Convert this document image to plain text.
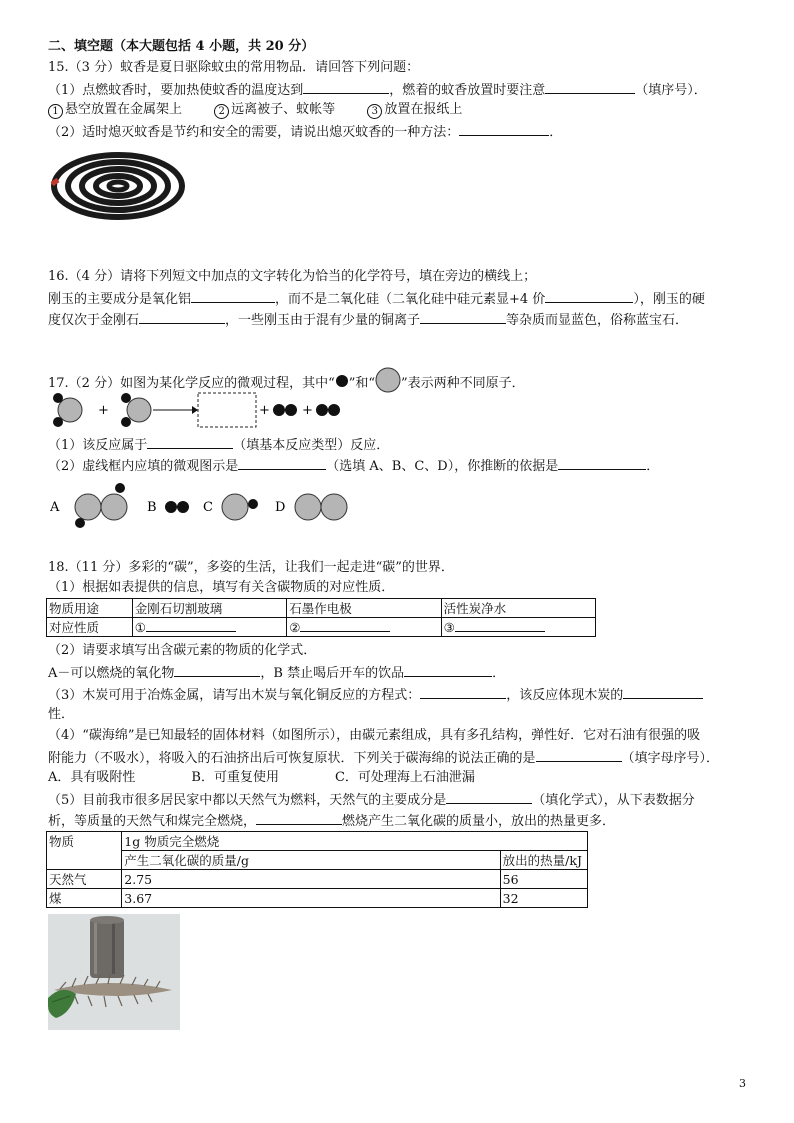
二、填空题（本大题包括 4 小题，共 20 分）
15.（3 分）蚊香是夏日驱除蚊虫的常用物品．请回答下列问题：
（1）点燃蚊香时，要加热使蚊香的温度达到	，燃着的蚊香放置时要注意	（填序号）．
1 悬空放置在金属架上	2 远离被子、蚊帐等	3 放置在报纸上
（2）适时熄灭蚊香是节约和安全的需要，请说出熄灭蚊香的一种方法：	．
16.（4 分）请将下列短文中加点的文字转化为恰当的化学符号，填在旁边的横线上；
刚玉的主要成分是氧化铝	，而不是二氧化硅（二氧化硅中硅元素显+4 价	），刚玉的硬
度仅次于金刚石	，一些刚玉由于混有少量的铜离子	等杂质而显蓝色，俗称蓝宝石．
17.（2 分）如图为某化学反应的微观过程，其中“ ”和“ ”表示两种不同原子．
+	+ +
（1）该反应属于	（填基本反应类型）反应．
（2）虚线框内应填的微观图示是	（选填 A、B、C、D），你推断的依据是	．
A	B	C	D
18.（11 分）多彩的“碳”，多姿的生活，让我们一起走进“碳”的世界．
（1）根据如表提供的信息，填写有关含碳物质的对应性质．
物质用途	金刚石切割玻璃	石墨作电极	活性炭净水
对应性质	①	②	③
（2）请要求填写出含碳元素的物质的化学式．
A－可以燃烧的氧化物	，B 禁止喝后开车的饮品	．
（3）木炭可用于冶炼金属，请写出木炭与氧化铜反应的方程式：	，该反应体现木炭的
性．
（4）“碳海绵”是已知最轻的固体材料（如图所示），由碳元素组成，具有多孔结构，弹性好．它对石油有很强的吸
附能力（不吸水），将吸入的石油挤出后可恢复原状．下列关于碳海绵的说法正确的是	（填字母序号）．
A．具有吸附性	B．可重复使用	C．可处理海上石油泄漏
（5）目前我市很多居民家中都以天然气为燃料，天然气的主要成分是	（填化学式），从下表数据分
析，等质量的天然气和煤完全燃烧，	燃烧产生二氧化碳的质量小，放出的热量更多．
物质	1g 物质完全燃烧	
	产生二氧化碳的质量/g	放出的热量/kJ
天然气	2.75	56
煤	3.67	32
3
